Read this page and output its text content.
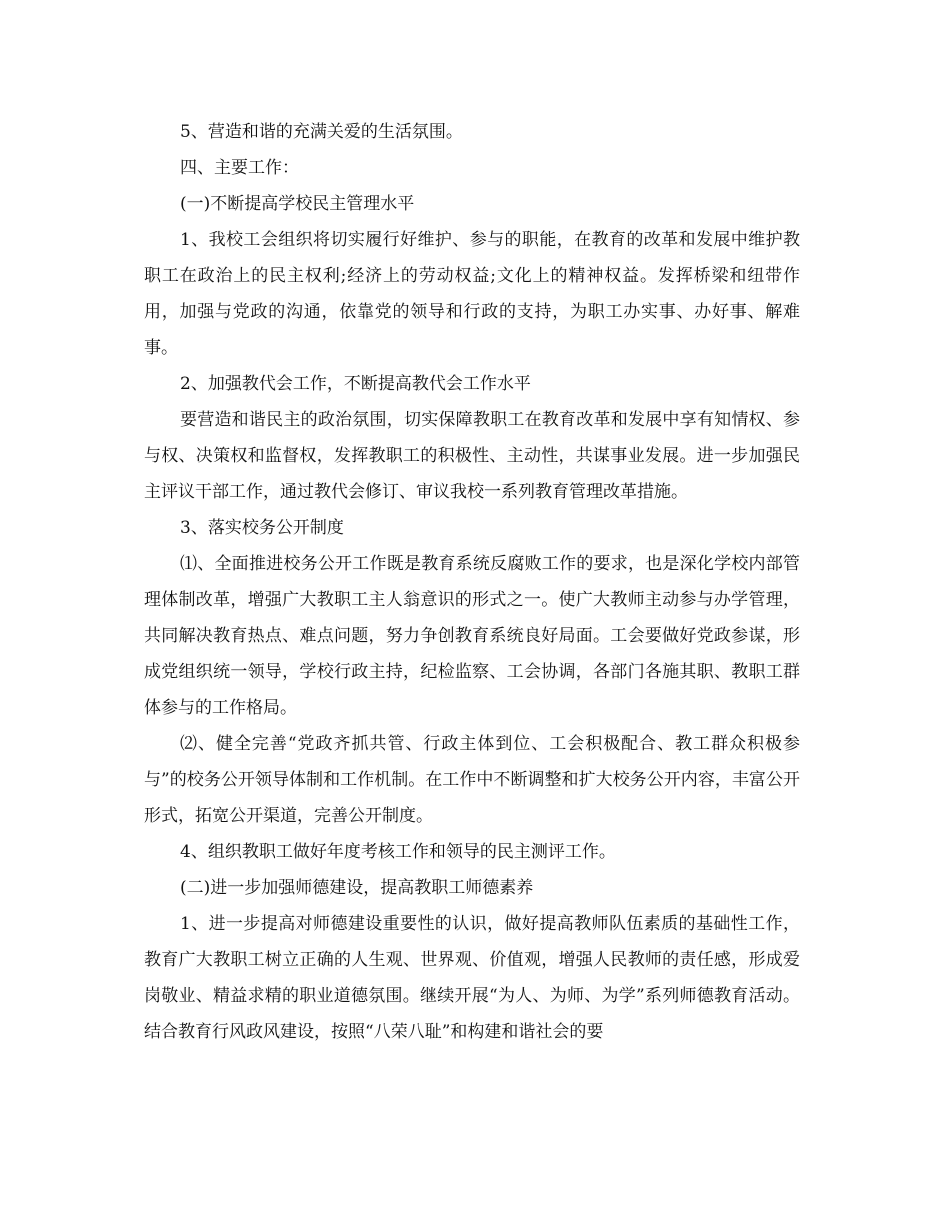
5、营造和谐的充满关爱的生活氛围。

四、主要工作：

(一)不断提高学校民主管理水平

1、我校工会组织将切实履行好维护、参与的职能，在教育的改革和发展中维护教职工在政治上的民主权利;经济上的劳动权益;文化上的精神权益。发挥桥梁和纽带作用，加强与党政的沟通，依靠党的领导和行政的支持，为职工办实事、办好事、解难事。

2、加强教代会工作，不断提高教代会工作水平

要营造和谐民主的政治氛围，切实保障教职工在教育改革和发展中享有知情权、参与权、决策权和监督权，发挥教职工的积极性、主动性，共谋事业发展。进一步加强民主评议干部工作，通过教代会修订、审议我校一系列教育管理改革措施。

3、落实校务公开制度

⑴、全面推进校务公开工作既是教育系统反腐败工作的要求，也是深化学校内部管理体制改革，增强广大教职工主人翁意识的形式之一。使广大教师主动参与办学管理，共同解决教育热点、难点问题，努力争创教育系统良好局面。工会要做好党政参谋，形成党组织统一领导，学校行政主持，纪检监察、工会协调，各部门各施其职、教职工群体参与的工作格局。

⑵、健全完善“党政齐抓共管、行政主体到位、工会积极配合、教工群众积极参与”的校务公开领导体制和工作机制。在工作中不断调整和扩大校务公开内容，丰富公开形式，拓宽公开渠道，完善公开制度。

4、组织教职工做好年度考核工作和领导的民主测评工作。

(二)进一步加强师德建设，提高教职工师德素养

1、进一步提高对师德建设重要性的认识，做好提高教师队伍素质的基础性工作，教育广大教职工树立正确的人生观、世界观、价值观，增强人民教师的责任感，形成爱岗敬业、精益求精的职业道德氛围。继续开展“为人、为师、为学”系列师德教育活动。结合教育行风政风建设，按照“八荣八耻”和构建和谐社会的要
